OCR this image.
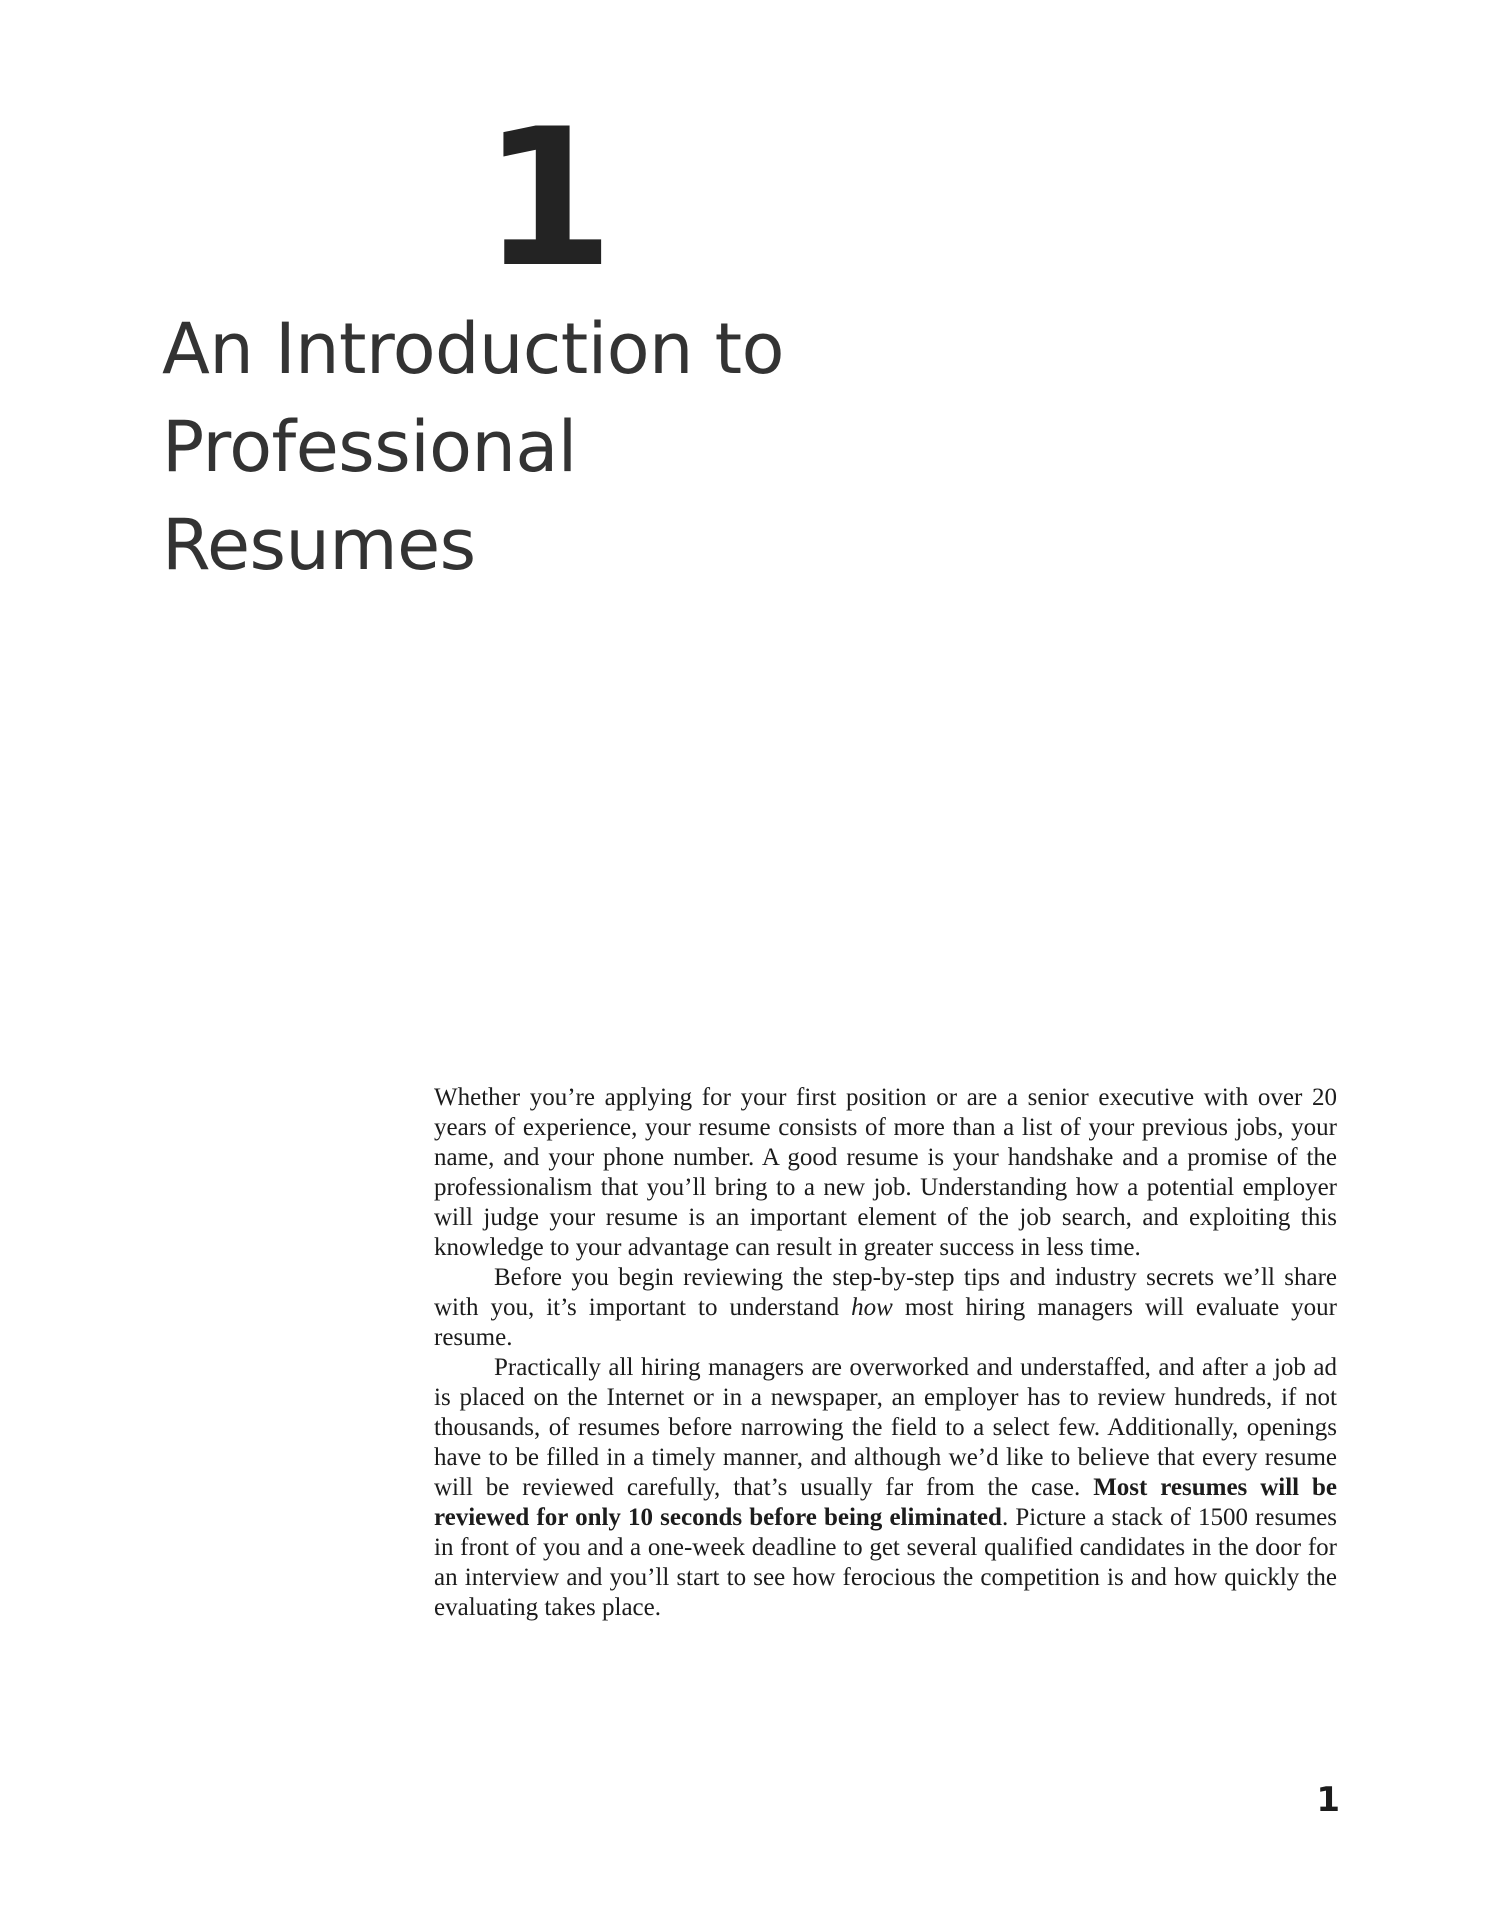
1
An Introduction to Professional
Resumes

Whether you’re applying for your first position or are a senior executive with over 20 years of experience, your resume consists of more than a list of your previous jobs, your name, and your phone number. A good resume is your handshake and a promise of the professionalism that you’ll bring to a new job. Understanding how a potential employer will judge your resume is an important element of the job search, and exploiting this knowledge to your advantage can result in greater success in less time.

Before you begin reviewing the step-by-step tips and industry secrets we’ll share with you, it’s important to understand how most hiring managers will evaluate your resume.

Practically all hiring managers are overworked and understaffed, and after a job ad is placed on the Internet or in a newspaper, an employer has to review hundreds, if not thousands, of resumes before narrowing the field to a select few. Additionally, openings have to be filled in a timely manner, and although we’d like to believe that every resume will be reviewed carefully, that’s usually far from the case. Most resumes will be reviewed for only 10 seconds before being eliminated. Picture a stack of 1500 resumes in front of you and a one-week deadline to get several qualified candidates in the door for an interview and you’ll start to see how ferocious the competition is and how quickly the evaluating takes place.

1
